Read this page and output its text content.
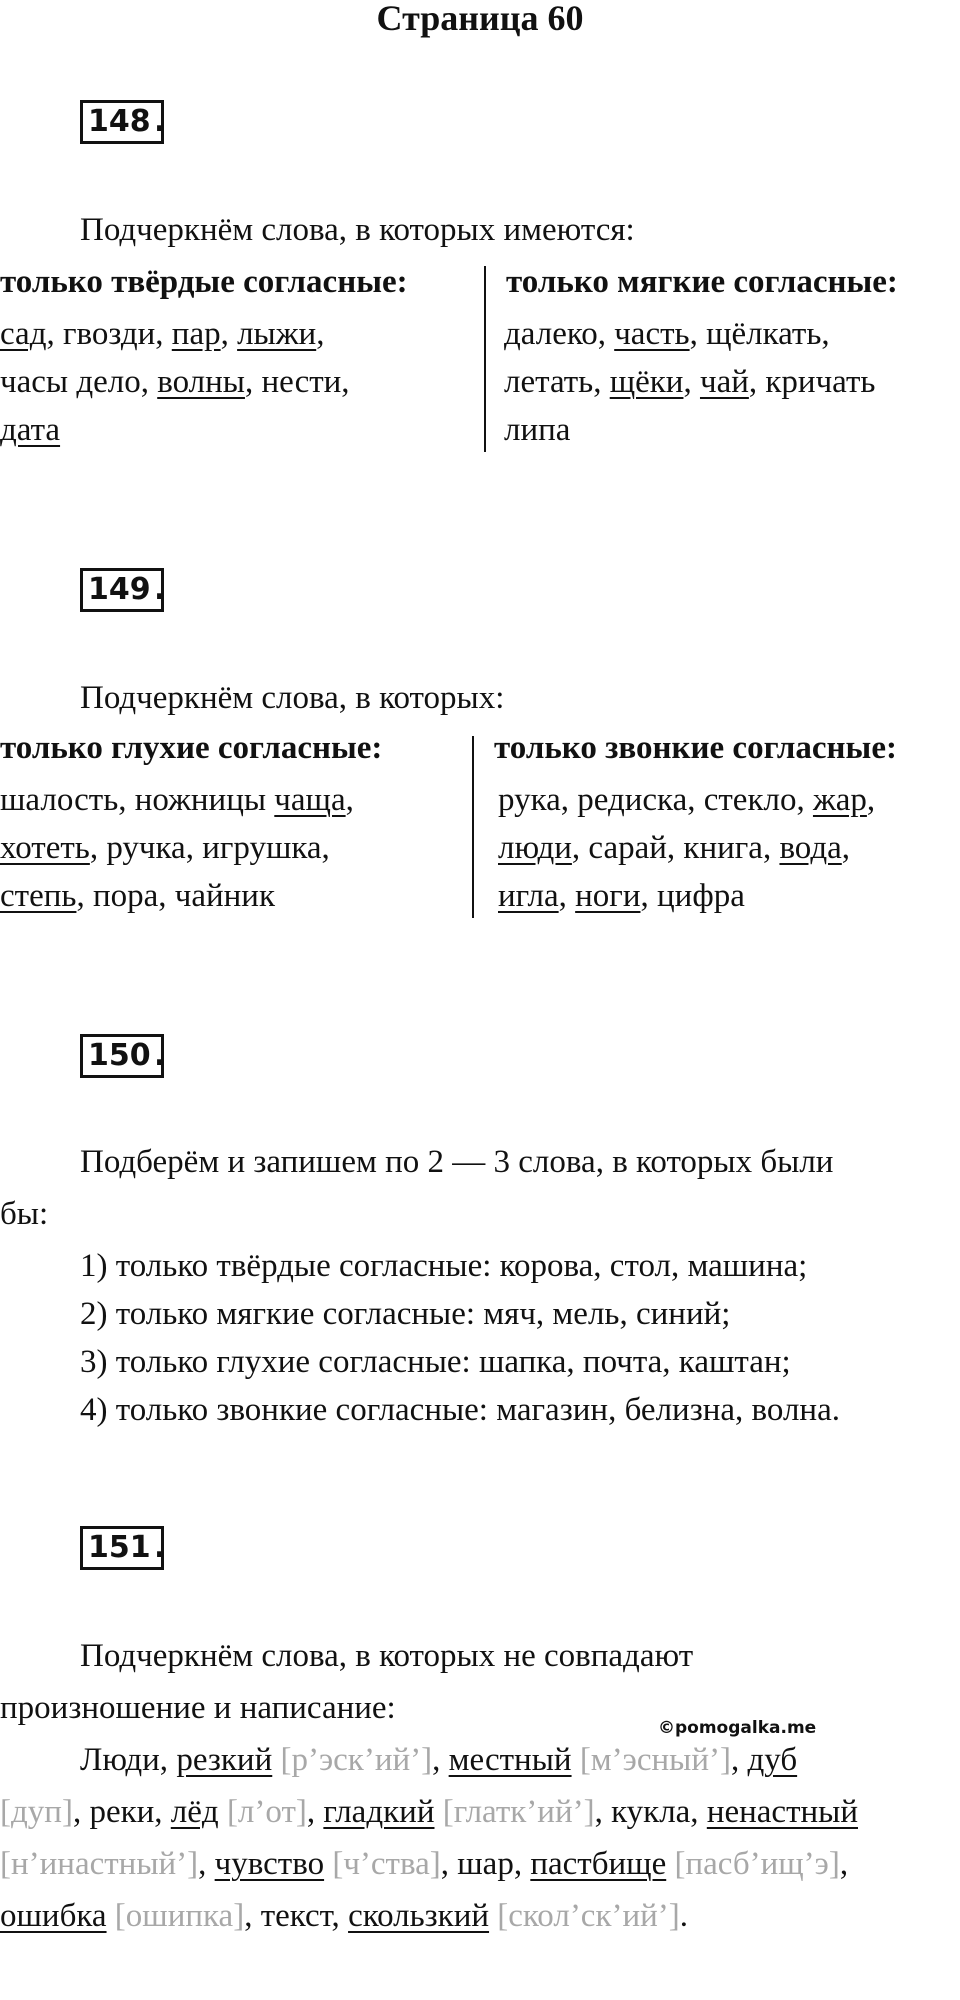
Страница 60
148 .
Подчеркнём слова, в которых имеются:
только твёрдые согласные:	только мягкие согласные:
сад, гвозди, пар, лыжи,
часы дело, волны, нести,
дата
далеко, часть, щёлкать,
летать, щёки, чай, кричать
липа
149 .
Подчеркнём слова, в которых:
только глухие согласные:	только звонкие согласные:
шалость, ножницы чаща,
хотеть, ручка, игрушка,
степь, пора, чайник
рука, редиска, стекло, жар,
люди, сарай, книга, вода,
игла, ноги, цифра
150 .
Подберём и запишем по 2 — 3 слова, в которых были
бы:
1) только твёрдые согласные: корова, стол, машина;
2) только мягкие согласные: мяч, мель, синий;
3) только глухие согласные: шапка, почта, каштан;
4) только звонкие согласные: магазин, белизна, волна.
151 .
Подчеркнём слова, в которых не совпадают
произношение и написание:
©pomogalka.me
Люди, резкий [р’эск’ий’], местный [м’эсный’], дуб
[дуп], реки, лёд [л’от], гладкий [глатк’ий’], кукла, ненастный
[н’инастный’], чувство [ч’ства], шар, пастбище [пасб’ищ’э],
ошибка [ошипка], текст, скользкий [скол’ск’ий’].
